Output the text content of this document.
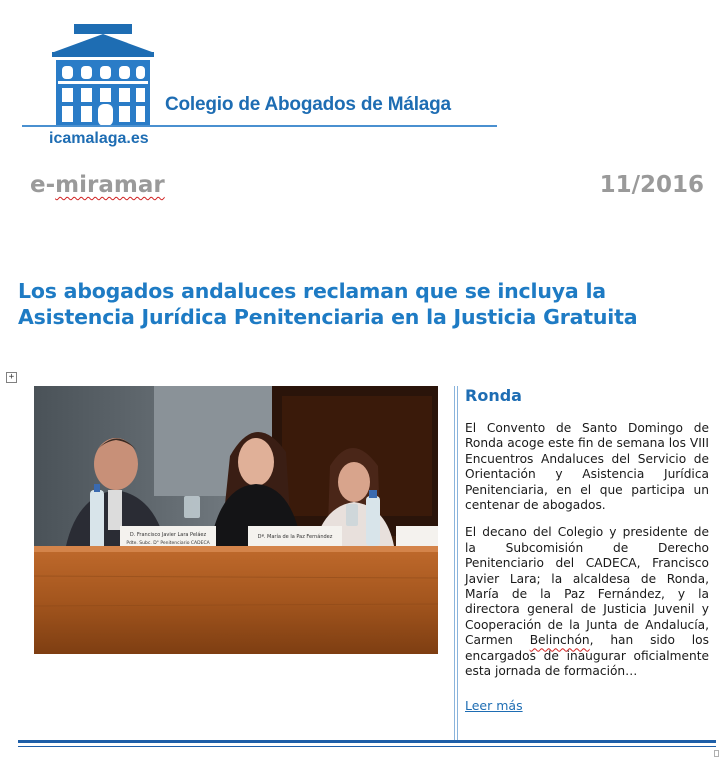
Colegio de Abogados de Málaga
icamalaga.es
e-miramar	11/2016
Los abogados andaluces reclaman que se incluya la Asistencia Jurídica Penitenciaria en la Justicia Gratuita
+
D. Francisco Javier Lara Peláez
Pdte. Subc. D° Penitenciario CADECA
Dª. María de la Paz Fernández
Ronda

El Convento de Santo Domingo de Ronda acoge este fin de semana los VIII Encuentros Andaluces del Servicio de Orientación y Asistencia Jurídica Penitenciaria, en el que participa un centenar de abogados.

El decano del Colegio y presidente de la Subcomisión de Derecho Penitenciario del CADECA, Francisco Javier Lara; la alcaldesa de Ronda, María de la Paz Fernández, y la directora general de Justicia Juvenil y Cooperación de la Junta de Andalucía, Carmen Belinchón, han sido los encargados de inaugurar oficialmente esta jornada de formación…

Leer más
